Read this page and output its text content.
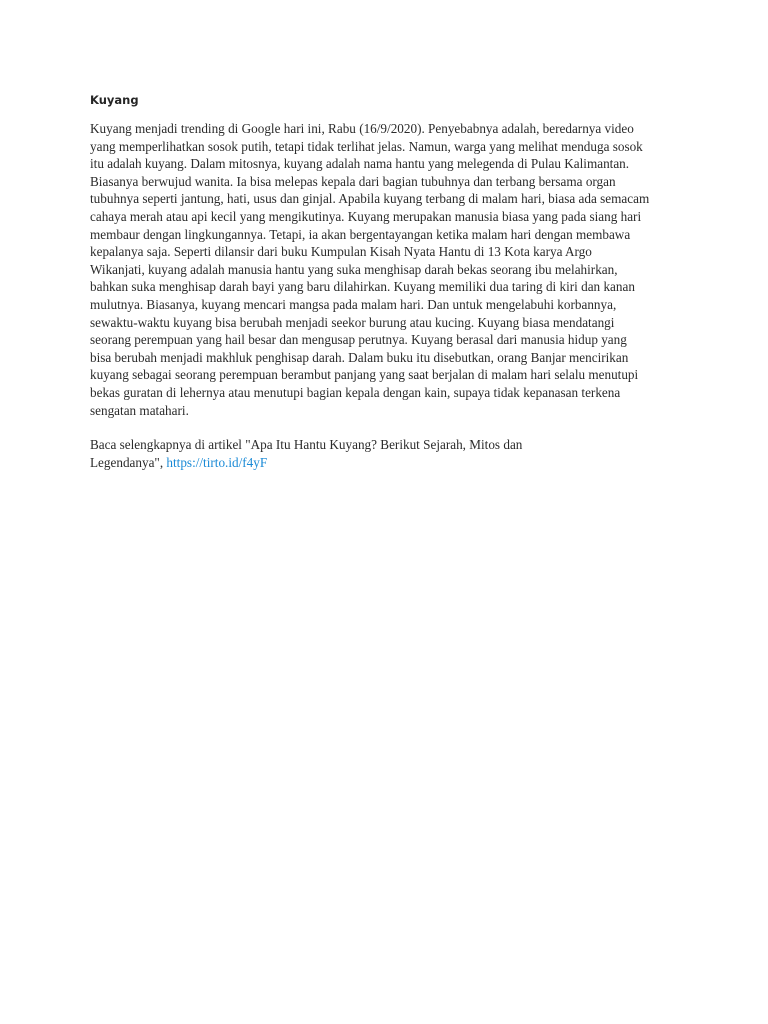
Kuyang

Kuyang menjadi trending di Google hari ini, Rabu (16/9/2020). Penyebabnya adalah, beredarnya video

yang memperlihatkan sosok putih, tetapi tidak terlihat jelas. Namun, warga yang melihat menduga sosok

itu adalah kuyang. Dalam mitosnya, kuyang adalah nama hantu yang melegenda di Pulau Kalimantan.

Biasanya berwujud wanita. Ia bisa melepas kepala dari bagian tubuhnya dan terbang bersama organ

tubuhnya seperti jantung, hati, usus dan ginjal. Apabila kuyang terbang di malam hari, biasa ada semacam

cahaya merah atau api kecil yang mengikutinya. Kuyang merupakan manusia biasa yang pada siang hari

membaur dengan lingkungannya. Tetapi, ia akan bergentayangan ketika malam hari dengan membawa

kepalanya saja. Seperti dilansir dari buku Kumpulan Kisah Nyata Hantu di 13 Kota karya Argo

Wikanjati, kuyang adalah manusia hantu yang suka menghisap darah bekas seorang ibu melahirkan,

bahkan suka menghisap darah bayi yang baru dilahirkan. Kuyang memiliki dua taring di kiri dan kanan

mulutnya. Biasanya, kuyang mencari mangsa pada malam hari. Dan untuk mengelabuhi korbannya,

sewaktu-waktu kuyang bisa berubah menjadi seekor burung atau kucing. Kuyang biasa mendatangi

seorang perempuan yang hail besar dan mengusap perutnya. Kuyang berasal dari manusia hidup yang

bisa berubah menjadi makhluk penghisap darah. Dalam buku itu disebutkan, orang Banjar mencirikan

kuyang sebagai seorang perempuan berambut panjang yang saat berjalan di malam hari selalu menutupi

bekas guratan di lehernya atau menutupi bagian kepala dengan kain, supaya tidak kepanasan terkena

sengatan matahari.

Baca selengkapnya di artikel "Apa Itu Hantu Kuyang? Berikut Sejarah, Mitos dan

Legendanya", https://tirto.id/f4yF
